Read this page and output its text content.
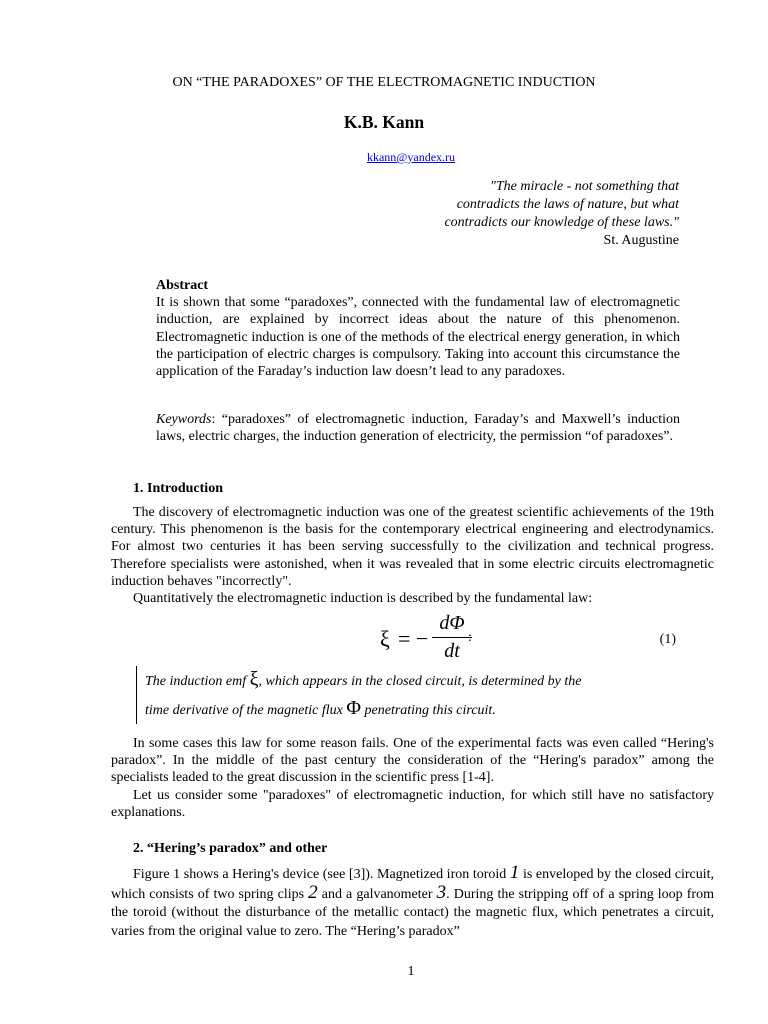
ON “THE PARADOXES” OF THE ELECTROMAGNETIC INDUCTION
K.B. Kann
kkann@yandex.ru
"The miracle - not something that
contradicts the laws of nature, but what
contradicts our knowledge of these laws."
St. Augustine
Abstract
It is shown that some “paradoxes”, connected with the fundamental law of electromagnetic induction, are explained by incorrect ideas about the nature of this phenomenon. Electromagnetic induction is one of the methods of the electrical energy generation, in which the participation of electric charges is compulsory. Taking into account this circumstance the application of the Faraday’s induction law doesn’t lead to any paradoxes.
Keywords: “paradoxes” of electromagnetic induction, Faraday’s and Maxwell’s induction laws, electric charges, the induction generation of electricity, the permission “of paradoxes”.
1. Introduction
The discovery of electromagnetic induction was one of the greatest scientific achievements of the 19th century. This phenomenon is the basis for the contemporary electrical engineering and electrodynamics. For almost two centuries it has been serving successfully to the civilization and technical progress. Therefore specialists were astonished, when it was revealed that in some electric circuits electromagnetic induction behaves "incorrectly".
Quantitatively the electromagnetic induction is described by the fundamental law:
ξ = −
dΦ
dt
:	(1)
The induction emf ξ, which appears in the closed circuit, is determined by the
time derivative of the magnetic flux Φ penetrating this circuit.
In some cases this law for some reason fails. One of the experimental facts was even called “Hering's paradox”. In the middle of the past century the consideration of the “Hering's paradox” among the specialists leaded to the great discussion in the scientific press [1-4].
Let us consider some "paradoxes" of electromagnetic induction, for which still have no satisfactory explanations.
2. “Hering’s paradox” and other
Figure 1 shows a Hering's device (see [3]). Magnetized iron toroid 1 is enveloped by the closed circuit, which consists of two spring clips 2 and a galvanometer 3. During the stripping off of a spring loop from the toroid (without the disturbance of the metallic contact) the magnetic flux, which penetrates a circuit, varies from the original value to zero. The “Hering’s paradox”
1
